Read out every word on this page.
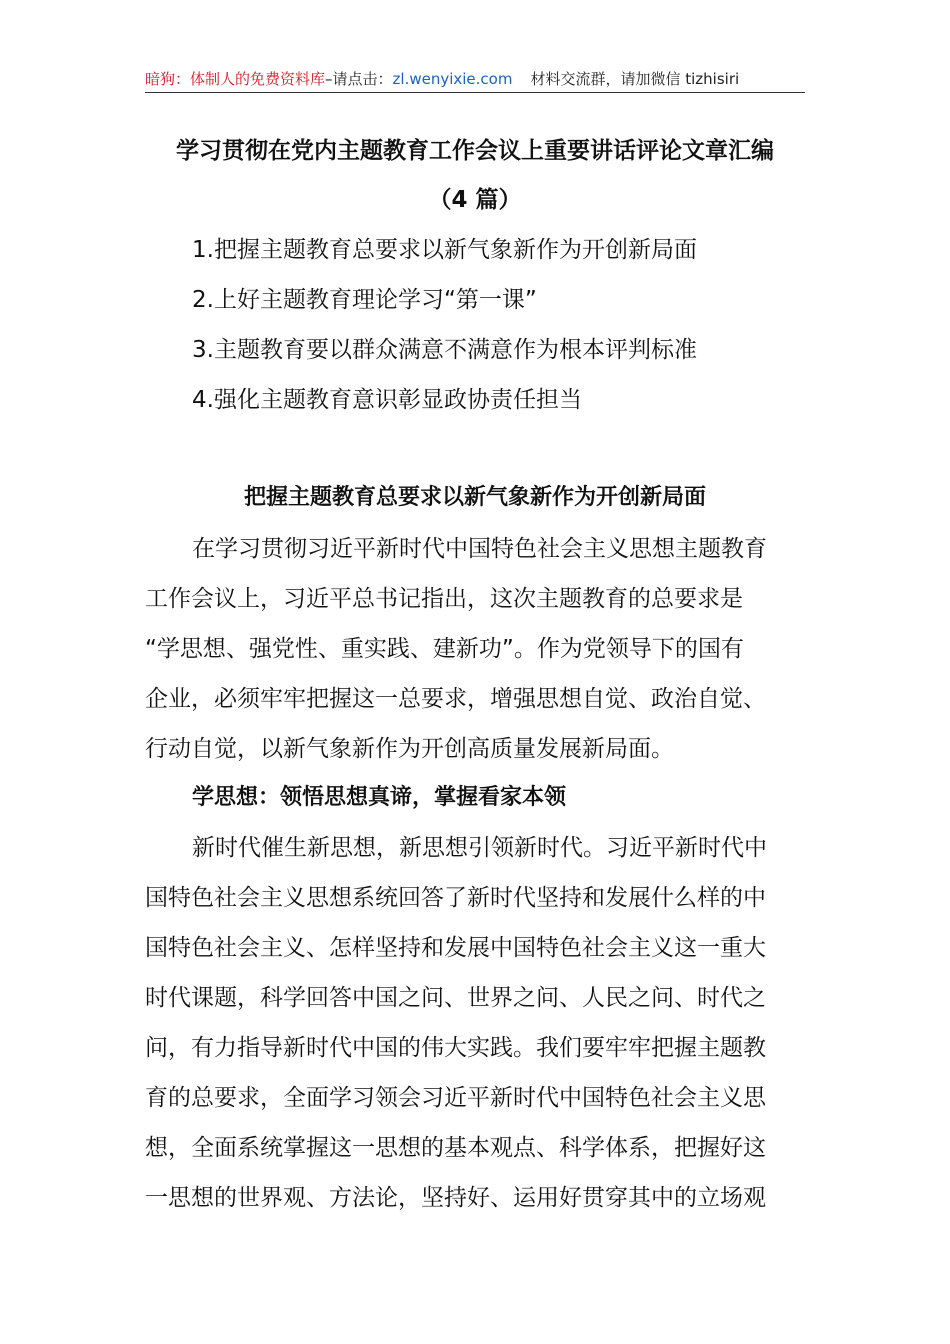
暗狗：体制人的免费资料库–请点击：zl.wenyixie.com 材料交流群，请加微信 tizhisiri
学习贯彻在党内主题教育工作会议上重要讲话评论文章汇编
（4 篇）
1.把握主题教育总要求以新气象新作为开创新局面
2.上好主题教育理论学习“第一课”
3.主题教育要以群众满意不满意作为根本评判标准
4.强化主题教育意识彰显政协责任担当
把握主题教育总要求以新气象新作为开创新局面
在学习贯彻习近平新时代中国特色社会主义思想主题教育
工作会议上，习近平总书记指出，这次主题教育的总要求是
“学思想、强党性、重实践、建新功”。作为党领导下的国有
企业，必须牢牢把握这一总要求，增强思想自觉、政治自觉、
行动自觉，以新气象新作为开创高质量发展新局面。
学思想：领悟思想真谛，掌握看家本领
新时代催生新思想，新思想引领新时代。习近平新时代中
国特色社会主义思想系统回答了新时代坚持和发展什么样的中
国特色社会主义、怎样坚持和发展中国特色社会主义这一重大
时代课题，科学回答中国之问、世界之问、人民之问、时代之
问，有力指导新时代中国的伟大实践。我们要牢牢把握主题教
育的总要求，全面学习领会习近平新时代中国特色社会主义思
想，全面系统掌握这一思想的基本观点、科学体系，把握好这
一思想的世界观、方法论，坚持好、运用好贯穿其中的立场观
